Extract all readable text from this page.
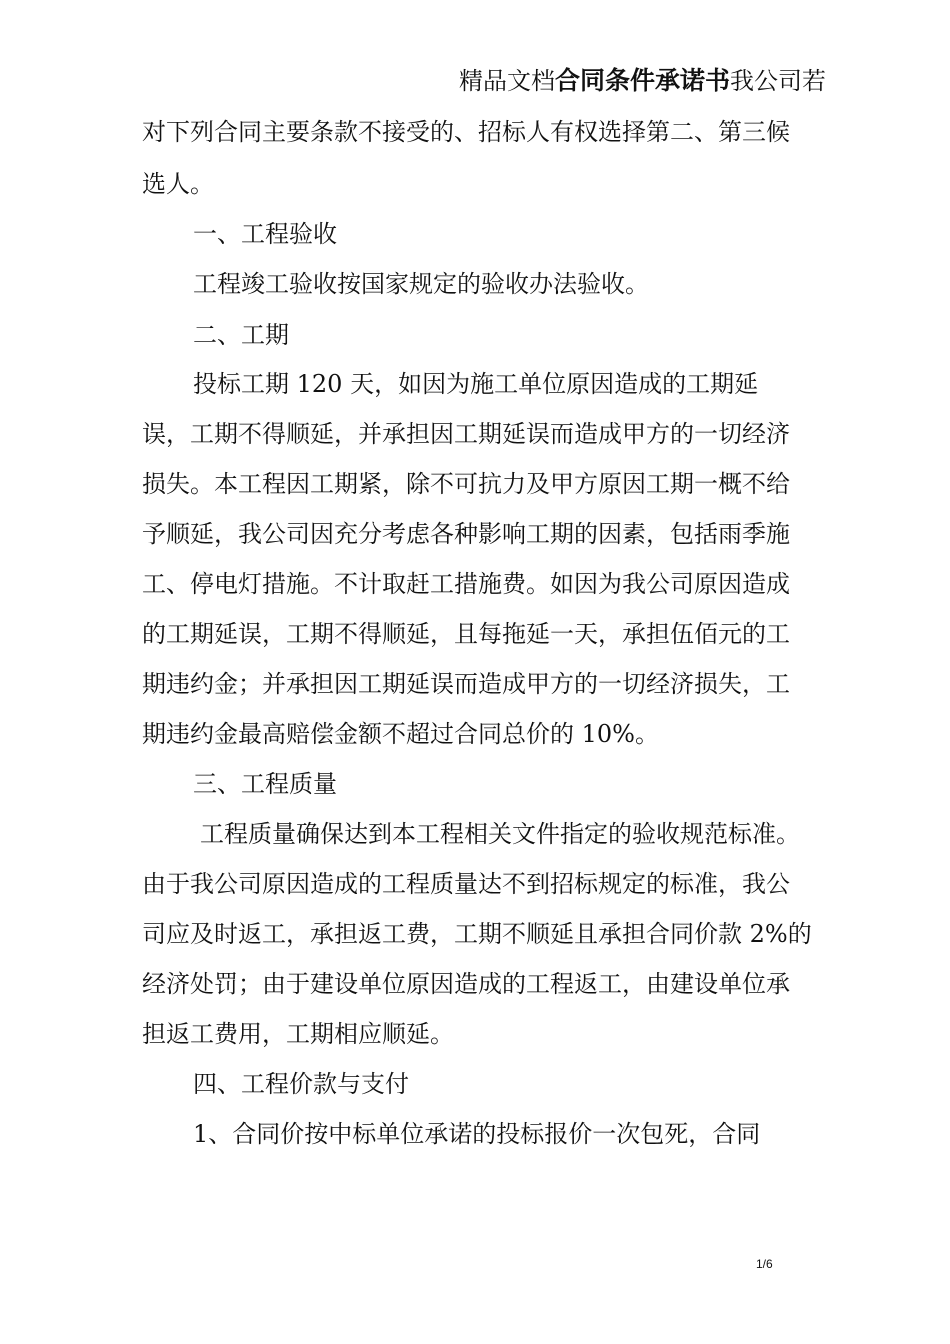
精品文档合同条件承诺书我公司若
对下列合同主要条款不接受的、招标人有权选择第二、第三候
选人。
一、工程验收
工程竣工验收按国家规定的验收办法验收。
二、工期
投标工期 120 天，如因为施工单位原因造成的工期延
误，工期不得顺延，并承担因工期延误而造成甲方的一切经济
损失。本工程因工期紧，除不可抗力及甲方原因工期一概不给
予顺延，我公司因充分考虑各种影响工期的因素，包括雨季施
工、停电灯措施。不计取赶工措施费。如因为我公司原因造成
的工期延误，工期不得顺延，且每拖延一天，承担伍佰元的工
期违约金；并承担因工期延误而造成甲方的一切经济损失，工
期违约金最高赔偿金额不超过合同总价的 10%。
三、工程质量
工程质量确保达到本工程相关文件指定的验收规范标准。
由于我公司原因造成的工程质量达不到招标规定的标准，我公
司应及时返工，承担返工费，工期不顺延且承担合同价款 2%的
经济处罚；由于建设单位原因造成的工程返工，由建设单位承
担返工费用，工期相应顺延。
四、工程价款与支付
1、合同价按中标单位承诺的投标报价一次包死，合同
1/6
